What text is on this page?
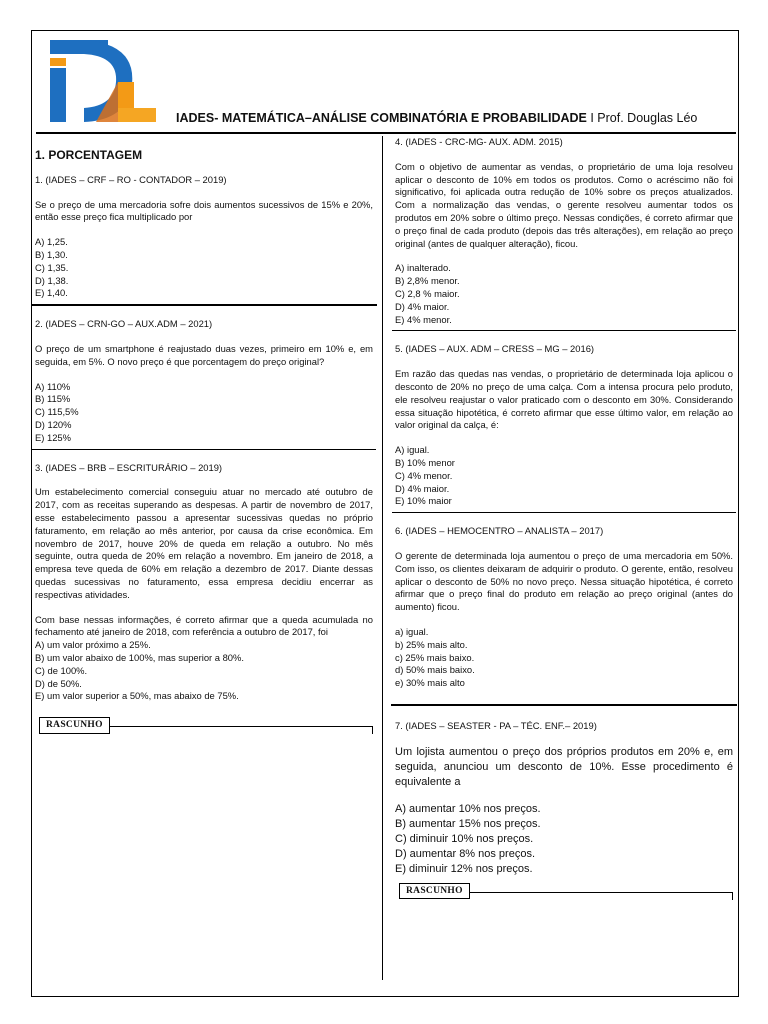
IADES- MATEMÁTICA–ANÁLISE COMBINATÓRIA E PROBABILIDADE I Prof. Douglas Léo

1. PORCENTAGEM

1. (IADES – CRF – RO - CONTADOR – 2019)

Se o preço de uma mercadoria sofre dois aumentos sucessivos de 15% e 20%, então esse preço fica multiplicado por

A) 1,25.

B) 1,30.

C) 1,35.

D) 1,38.

E) 1,40.

2. (IADES – CRN-GO – AUX.ADM – 2021)

O preço de um smartphone é reajustado duas vezes, primeiro em 10% e, em seguida, em 5%. O novo preço é que porcentagem do preço original?

A) 110%

B) 115%

C) 115,5%

D) 120%

E) 125%

3. (IADES – BRB – ESCRITURÁRIO – 2019)

Um estabelecimento comercial conseguiu atuar no mercado até outubro de 2017, com as receitas superando as despesas. A partir de novembro de 2017, esse estabelecimento passou a apresentar sucessivas quedas no próprio faturamento, em relação ao mês anterior, por causa da crise econômica. Em novembro de 2017, houve 20% de queda em relação a outubro. No mês seguinte, outra queda de 20% em relação a novembro. Em janeiro de 2018, a empresa teve queda de 60% em relação a dezembro de 2017. Diante dessas quedas sucessivas no faturamento, essa empresa decidiu encerrar as respectivas atividades.

Com base nessas informações, é correto afirmar que a queda acumulada no fechamento até janeiro de 2018, com referência a outubro de 2017, foi

A) um valor próximo a 25%.

B) um valor abaixo de 100%, mas superior a 80%.

C) de 100%.

D) de 50%.

E) um valor superior a 50%, mas abaixo de 75%.

RASCUNHO

4. (IADES - CRC-MG- AUX. ADM. 2015)

Com o objetivo de aumentar as vendas, o proprietário de uma loja resolveu aplicar o desconto de 10% em todos os produtos. Como o acréscimo não foi significativo, foi aplicada outra redução de 10% sobre os preços atualizados. Com a normalização das vendas, o gerente resolveu aumentar todos os produtos em 20% sobre o último preço. Nessas condições, é correto afirmar que o preço final de cada produto (depois das três alterações), em relação ao preço original (antes de qualquer alteração), ficou.

A) inalterado.

B) 2,8% menor.

C) 2,8 % maior.

D) 4% maior.

E) 4% menor.

5. (IADES – AUX. ADM – CRESS – MG – 2016)

Em razão das quedas nas vendas, o proprietário de determinada loja aplicou o desconto de 20% no preço de uma calça. Com a intensa procura pelo produto, ele resolveu reajustar o valor praticado com o desconto em 30%. Considerando essa situação hipotética, é correto afirmar que esse último valor, em relação ao valor original da calça, é:

A) igual.

B) 10% menor

C) 4% menor.

D) 4% maior.

E) 10% maior

6. (IADES – HEMOCENTRO – ANALISTA – 2017)

O gerente de determinada loja aumentou o preço de uma mercadoria em 50%. Com isso, os clientes deixaram de adquirir o produto. O gerente, então, resolveu aplicar o desconto de 50% no novo preço. Nessa situação hipotética, é correto afirmar que o preço final do produto em relação ao preço original (antes do aumento) ficou.

a) igual.

b) 25% mais alto.

c) 25% mais baixo.

d) 50% mais baixo.

e) 30% mais alto

7. (IADES – SEASTER - PA – TÉC. ENF.– 2019)

Um lojista aumentou o preço dos próprios produtos em 20% e, em seguida, anunciou um desconto de 10%. Esse procedimento é equivalente a

A) aumentar 10% nos preços.

B) aumentar 15% nos preços.

C) diminuir 10% nos preços.

D) aumentar 8% nos preços.

E) diminuir 12% nos preços.

RASCUNHO
